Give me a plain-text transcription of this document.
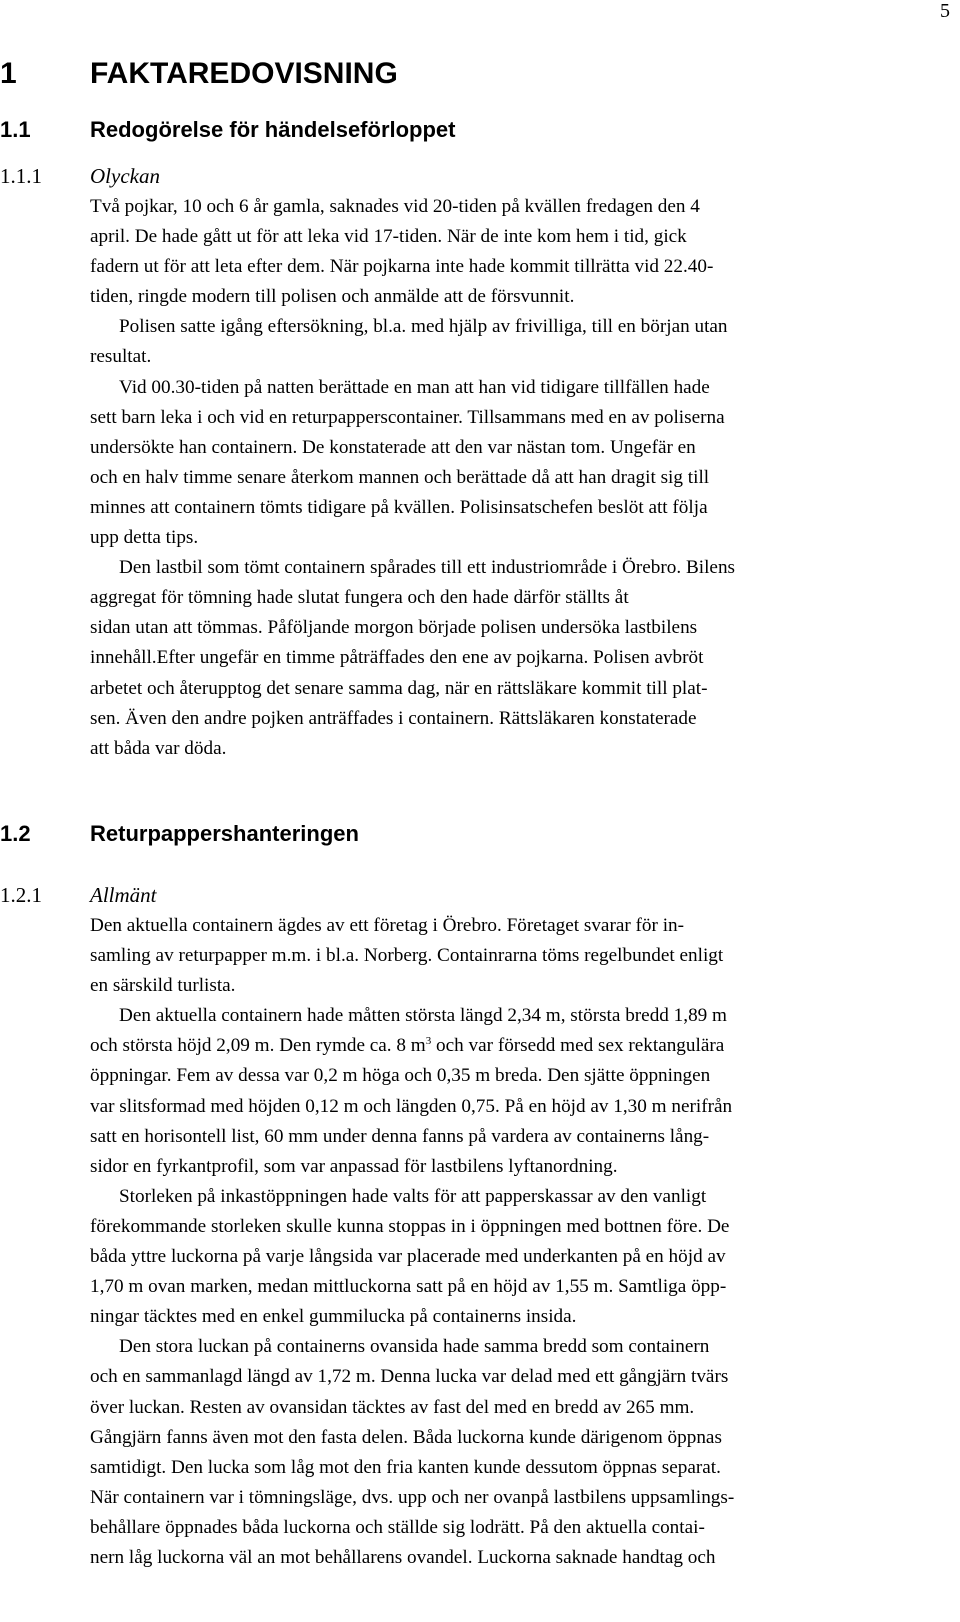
5
1 FAKTAREDOVISNING
1.1	Redogörelse för händelseförloppet
1.1.1 Olyckan

Två pojkar, 10 och 6 år gamla, saknades vid 20-tiden på kvällen fredagen den 4
april. De hade gått ut för att leka vid 17-tiden. När de inte kom hem i tid, gick
fadern ut för att leta efter dem. När pojkarna inte hade kommit tillrätta vid 22.40-
tiden, ringde modern till polisen och anmälde att de försvunnit.

Polisen satte igång eftersökning, bl.a. med hjälp av frivilliga, till en början utan
resultat.

Vid 00.30-tiden på natten berättade en man att han vid tidigare tillfällen hade
sett barn leka i och vid en returpapperscontainer. Tillsammans med en av poliserna
undersökte han containern. De konstaterade att den var nästan tom. Ungefär en
och en halv timme senare återkom mannen och berättade då att han dragit sig till
minnes att containern tömts tidigare på kvällen. Polisinsatschefen beslöt att följa
upp detta tips.

Den lastbil som tömt containern spårades till ett industriområde i Örebro. Bilens
aggregat för tömning hade slutat fungera och den hade därför ställts åt
sidan utan att tömmas. Påföljande morgon började polisen undersöka lastbilens
innehåll.Efter ungefär en timme påträffades den ene av pojkarna. Polisen avbröt
arbetet och återupptog det senare samma dag, när en rättsläkare kommit till plat-
sen. Även den andre pojken anträffades i containern. Rättsläkaren konstaterade
att båda var döda.

1.2	Returpappershanteringen
1.2.1 Allmänt

Den aktuella containern ägdes av ett företag i Örebro. Företaget svarar för in-
samling av returpapper m.m. i bl.a. Norberg. Containrarna töms regelbundet enligt
en särskild turlista.

Den aktuella containern hade måtten största längd 2,34 m, största bredd 1,89 m
och största höjd 2,09 m. Den rymde ca. 8 $m^3$ och var försedd med sex rektangulära
öppningar. Fem av dessa var 0,2 m höga och 0,35 m breda. Den sjätte öppningen
var slitsformad med höjden 0,12 m och längden 0,75. På en höjd av 1,30 m nerifrån
satt en horisontell list, 60 mm under denna fanns på vardera av containerns lång-
sidor en fyrkantprofil, som var anpassad för lastbilens lyftanordning.

Storleken på inkastöppningen hade valts för att papperskassar av den vanligt
förekommande storleken skulle kunna stoppas in i öppningen med bottnen före. De
båda yttre luckorna på varje långsida var placerade med underkanten på en höjd av
1,70 m ovan marken, medan mittluckorna satt på en höjd av 1,55 m. Samtliga öpp-
ningar täcktes med en enkel gummilucka på containerns insida.

Den stora luckan på containerns ovansida hade samma bredd som containern
och en sammanlagd längd av 1,72 m. Denna lucka var delad med ett gångjärn tvärs
över luckan. Resten av ovansidan täcktes av fast del med en bredd av 265 mm.
Gångjärn fanns även mot den fasta delen. Båda luckorna kunde därigenom öppnas
samtidigt. Den lucka som låg mot den fria kanten kunde dessutom öppnas separat.
När containern var i tömningsläge, dvs. upp och ner ovanpå lastbilens uppsamlings-
behållare öppnades båda luckorna och ställde sig lodrätt. På den aktuella contai-
nern låg luckorna väl an mot behållarens ovandel. Luckorna saknade handtag och
